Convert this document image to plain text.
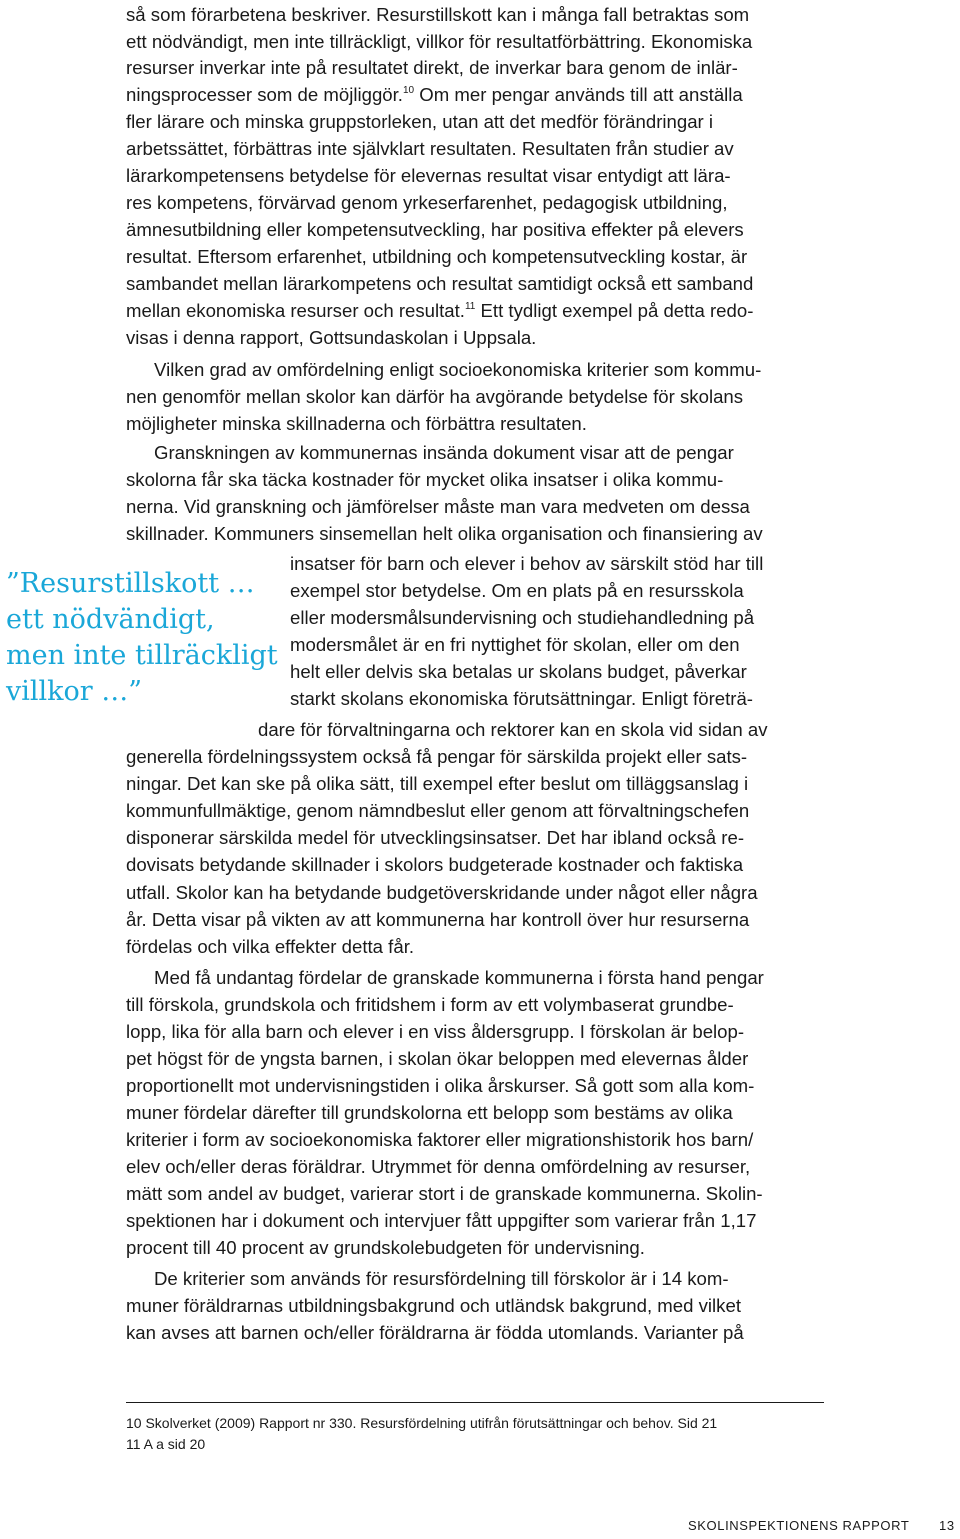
så som förarbetena beskriver. Resurstillskott kan i många fall betraktas som
ett nödvändigt, men inte tillräckligt, villkor för resultatförbättring. Ekonomiska
resurser inverkar inte på resultatet direkt, de inverkar bara genom de inlär-
ningsprocesser som de möjliggör.$^{10}$ Om mer pengar används till att anställa
fler lärare och minska gruppstorleken, utan att det medför förändringar i
arbetssättet, förbättras inte självklart resultaten. Resultaten från studier av
lärarkompetensens betydelse för elevernas resultat visar entydigt att lära-
res kompetens, förvärvad genom yrkeserfarenhet, pedagogisk utbildning,
ämnesutbildning eller kompetensutveckling, har positiva effekter på elevers
resultat. Eftersom erfarenhet, utbildning och kompetensutveckling kostar, är
sambandet mellan lärarkompetens och resultat samtidigt också ett samband
mellan ekonomiska resurser och resultat.$^{11}$ Ett tydligt exempel på detta redo-
visas i denna rapport, Gottsundaskolan i Uppsala.
Vilken grad av omfördelning enligt socioekonomiska kriterier som kommu-
nen genomför mellan skolor kan därför ha avgörande betydelse för skolans
möjligheter minska skillnaderna och förbättra resultaten.
Granskningen av kommunernas insända dokument visar att de pengar
skolorna får ska täcka kostnader för mycket olika insatser i olika kommu-
nerna. Vid granskning och jämförelser måste man vara medveten om dessa
skillnader. Kommuners sinsemellan helt olika organisation och finansiering av
insatser för barn och elever i behov av särskilt stöd har till
exempel stor betydelse. Om en plats på en resursskola
eller modersmålsundervisning och studiehandledning på
modersmålet är en fri nyttighet för skolan, eller om den
helt eller delvis ska betalas ur skolans budget, påverkar
starkt skolans ekonomiska förutsättningar. Enligt företrä-
dare för förvaltningarna och rektorer kan en skola vid sidan av
generella fördelningssystem också få pengar för särskilda projekt eller sats-
ningar. Det kan ske på olika sätt, till exempel efter beslut om tilläggsanslag i
kommunfullmäktige, genom nämndbeslut eller genom att förvaltningschefen
disponerar särskilda medel för utvecklingsinsatser. Det har ibland också re-
dovisats betydande skillnader i skolors budgeterade kostnader och faktiska
utfall. Skolor kan ha betydande budgetöverskridande under något eller några
år. Detta visar på vikten av att kommunerna har kontroll över hur resurserna
fördelas och vilka effekter detta får.
Med få undantag fördelar de granskade kommunerna i första hand pengar
till förskola, grundskola och fritidshem i form av ett volymbaserat grundbe-
lopp, lika för alla barn och elever i en viss åldersgrupp. I förskolan är belop-
pet högst för de yngsta barnen, i skolan ökar beloppen med elevernas ålder
proportionellt mot undervisningstiden i olika årskurser. Så gott som alla kom-
muner fördelar därefter till grundskolorna ett belopp som bestäms av olika
kriterier i form av socioekonomiska faktorer eller migrationshistorik hos barn/
elev och/eller deras föräldrar. Utrymmet för denna omfördelning av resurser,
mätt som andel av budget, varierar stort i de granskade kommunerna. Skolin-
spektionen har i dokument och intervjuer fått uppgifter som varierar från 1,17
procent till 40 procent av grundskolebudgeten för undervisning.
De kriterier som används för resursfördelning till förskolor är i 14 kom-
muner föräldrarnas utbildningsbakgrund och utländsk bakgrund, med vilket
kan avses att barnen och/eller föräldrarna är födda utomlands. Varianter på
”Resurstillskott …
ett nödvändigt,
men inte tillräckligt
villkor …”
10 Skolverket (2009) Rapport nr 330. Resursfördelning utifrån förutsättningar och behov. Sid 21
11 A a sid 20
SKOLINSPEKTIONENS RAPPORT 13
